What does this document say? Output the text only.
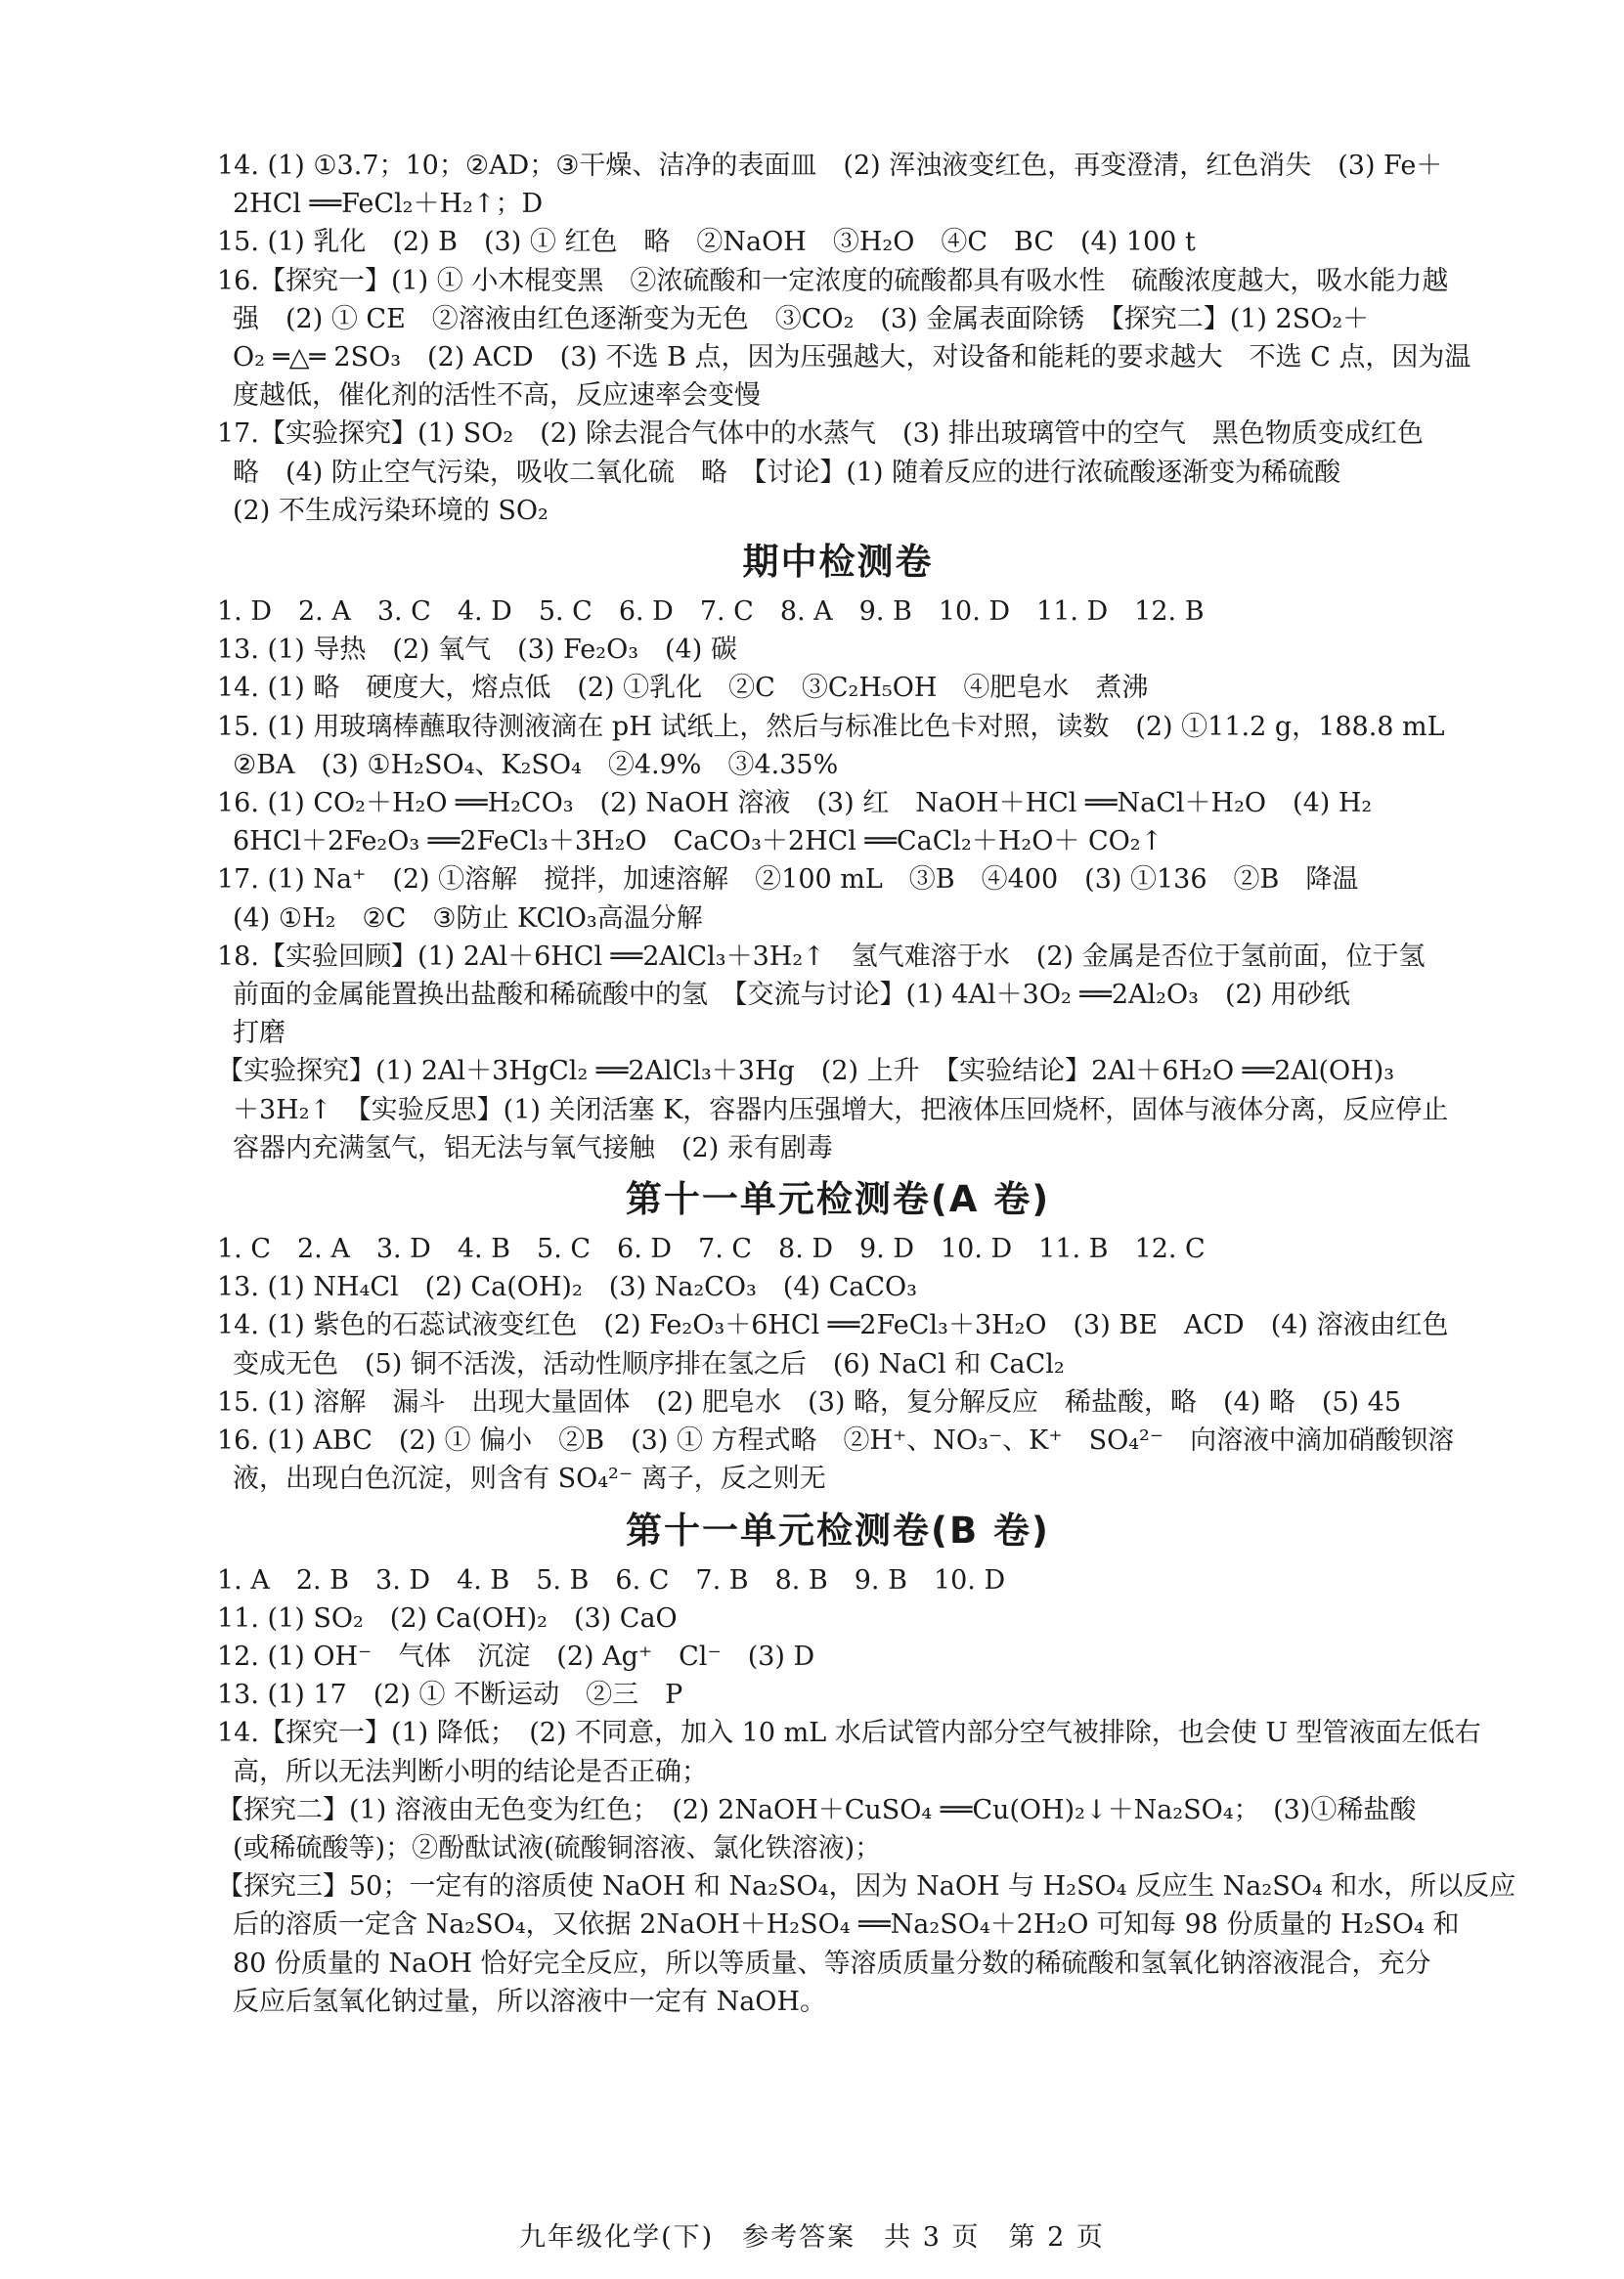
14. (1) ①3.7；10；②AD；③干燥、洁净的表面皿　(2) 浑浊液变红色，再变澄清，红色消失　(3) Fe＋
2HCl ══FeCl₂＋H₂↑；D
15. (1) 乳化　(2) B　(3) ① 红色　略　②NaOH　③H₂O　④C　BC　(4) 100 t
16.【探究一】(1) ① 小木棍变黑　②浓硫酸和一定浓度的硫酸都具有吸水性　硫酸浓度越大，吸水能力越
强　(2) ① CE　②溶液由红色逐渐变为无色　③CO₂　(3) 金属表面除锈　【探究二】(1) 2SO₂＋
O₂ ═△═ 2SO₃　(2) ACD　(3) 不选 B 点，因为压强越大，对设备和能耗的要求越大　不选 C 点，因为温
度越低，催化剂的活性不高，反应速率会变慢
17.【实验探究】(1) SO₂　(2) 除去混合气体中的水蒸气　(3) 排出玻璃管中的空气　黑色物质变成红色
略　(4) 防止空气污染，吸收二氧化硫　略　【讨论】(1) 随着反应的进行浓硫酸逐渐变为稀硫酸
(2) 不生成污染环境的 SO₂
期中检测卷
1. D　2. A　3. C　4. D　5. C　6. D　7. C　8. A　9. B　10. D　11. D　12. B
13. (1) 导热　(2) 氧气　(3) Fe₂O₃　(4) 碳
14. (1) 略　硬度大，熔点低　(2) ①乳化　②C　③C₂H₅OH　④肥皂水　煮沸
15. (1) 用玻璃棒蘸取待测液滴在 pH 试纸上，然后与标准比色卡对照，读数　(2) ①11.2 g，188.8 mL
②BA　(3) ①H₂SO₄、K₂SO₄　②4.9%　③4.35%
16. (1) CO₂＋H₂O ══H₂CO₃　(2) NaOH 溶液　(3) 红　NaOH＋HCl ══NaCl＋H₂O　(4) H₂
6HCl＋2Fe₂O₃ ══2FeCl₃＋3H₂O　CaCO₃＋2HCl ══CaCl₂＋H₂O＋ CO₂↑
17. (1) Na⁺　(2) ①溶解　搅拌，加速溶解　②100 mL　③B　④400　(3) ①136　②B　降温
(4) ①H₂　②C　③防止 KClO₃高温分解
18.【实验回顾】(1) 2Al＋6HCl ══2AlCl₃＋3H₂↑　氢气难溶于水　(2) 金属是否位于氢前面，位于氢
前面的金属能置换出盐酸和稀硫酸中的氢　【交流与讨论】(1) 4Al＋3O₂ ══2Al₂O₃　(2) 用砂纸
打磨
【实验探究】(1) 2Al＋3HgCl₂ ══2AlCl₃＋3Hg　(2) 上升　【实验结论】2Al＋6H₂O ══2Al(OH)₃
＋3H₂↑　【实验反思】(1) 关闭活塞 K，容器内压强增大，把液体压回烧杯，固体与液体分离，反应停止
容器内充满氢气，铝无法与氧气接触　(2) 汞有剧毒
第十一单元检测卷(A 卷)
1. C　2. A　3. D　4. B　5. C　6. D　7. C　8. D　9. D　10. D　11. B　12. C
13. (1) NH₄Cl　(2) Ca(OH)₂　(3) Na₂CO₃　(4) CaCO₃
14. (1) 紫色的石蕊试液变红色　(2) Fe₂O₃＋6HCl ══2FeCl₃＋3H₂O　(3) BE　ACD　(4) 溶液由红色
变成无色　(5) 铜不活泼，活动性顺序排在氢之后　(6) NaCl 和 CaCl₂
15. (1) 溶解　漏斗　出现大量固体　(2) 肥皂水　(3) 略，复分解反应　稀盐酸，略　(4) 略　(5) 45
16. (1) ABC　(2) ① 偏小　②B　(3) ① 方程式略　②H⁺、NO₃⁻、K⁺　SO₄²⁻　向溶液中滴加硝酸钡溶
液，出现白色沉淀，则含有 SO₄²⁻ 离子，反之则无
第十一单元检测卷(B 卷)
1. A　2. B　3. D　4. B　5. B　6. C　7. B　8. B　9. B　10. D
11. (1) SO₂　(2) Ca(OH)₂　(3) CaO
12. (1) OH⁻　气体　沉淀　(2) Ag⁺　Cl⁻　(3) D
13. (1) 17　(2) ① 不断运动　②三　P
14.【探究一】(1) 降低；　(2) 不同意，加入 10 mL 水后试管内部分空气被排除，也会使 U 型管液面左低右
高，所以无法判断小明的结论是否正确；
【探究二】(1) 溶液由无色变为红色；　(2) 2NaOH＋CuSO₄ ══Cu(OH)₂↓＋Na₂SO₄；　(3)①稀盐酸
(或稀硫酸等)；②酚酞试液(硫酸铜溶液、氯化铁溶液)；
【探究三】50；一定有的溶质使 NaOH 和 Na₂SO₄，因为 NaOH 与 H₂SO₄ 反应生 Na₂SO₄ 和水，所以反应
后的溶质一定含 Na₂SO₄，又依据 2NaOH＋H₂SO₄ ══Na₂SO₄＋2H₂O 可知每 98 份质量的 H₂SO₄ 和
80 份质量的 NaOH 恰好完全反应，所以等质量、等溶质质量分数的稀硫酸和氢氧化钠溶液混合，充分
反应后氢氧化钠过量，所以溶液中一定有 NaOH。
九年级化学(下)　参考答案　共 3 页　第 2 页
